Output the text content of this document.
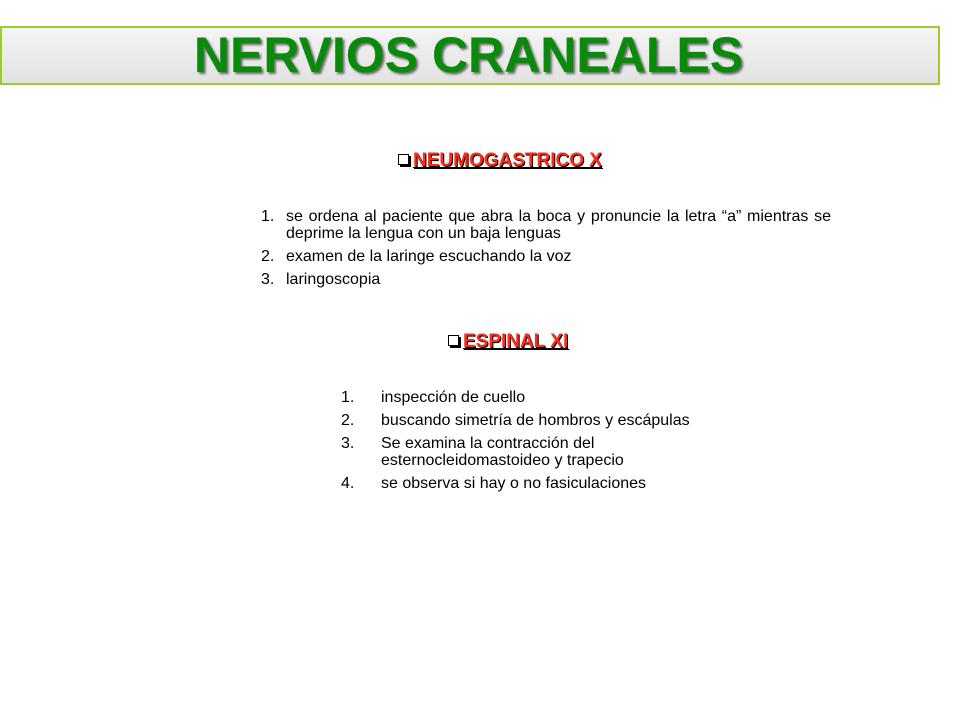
NERVIOS CRANEALES
NEUMOGASTRICO X
1. se ordena al paciente que abra la boca y pronuncie la letra “a” mientras se deprime la lengua con un baja lenguas
2. examen de la laringe escuchando la voz
3. laringoscopia
ESPINAL XI
1. inspección de cuello
2. buscando simetría de hombros y escápulas
3. Se examina la contracción del esternocleidomastoideo y trapecio
4. se observa si hay o no fasiculaciones
